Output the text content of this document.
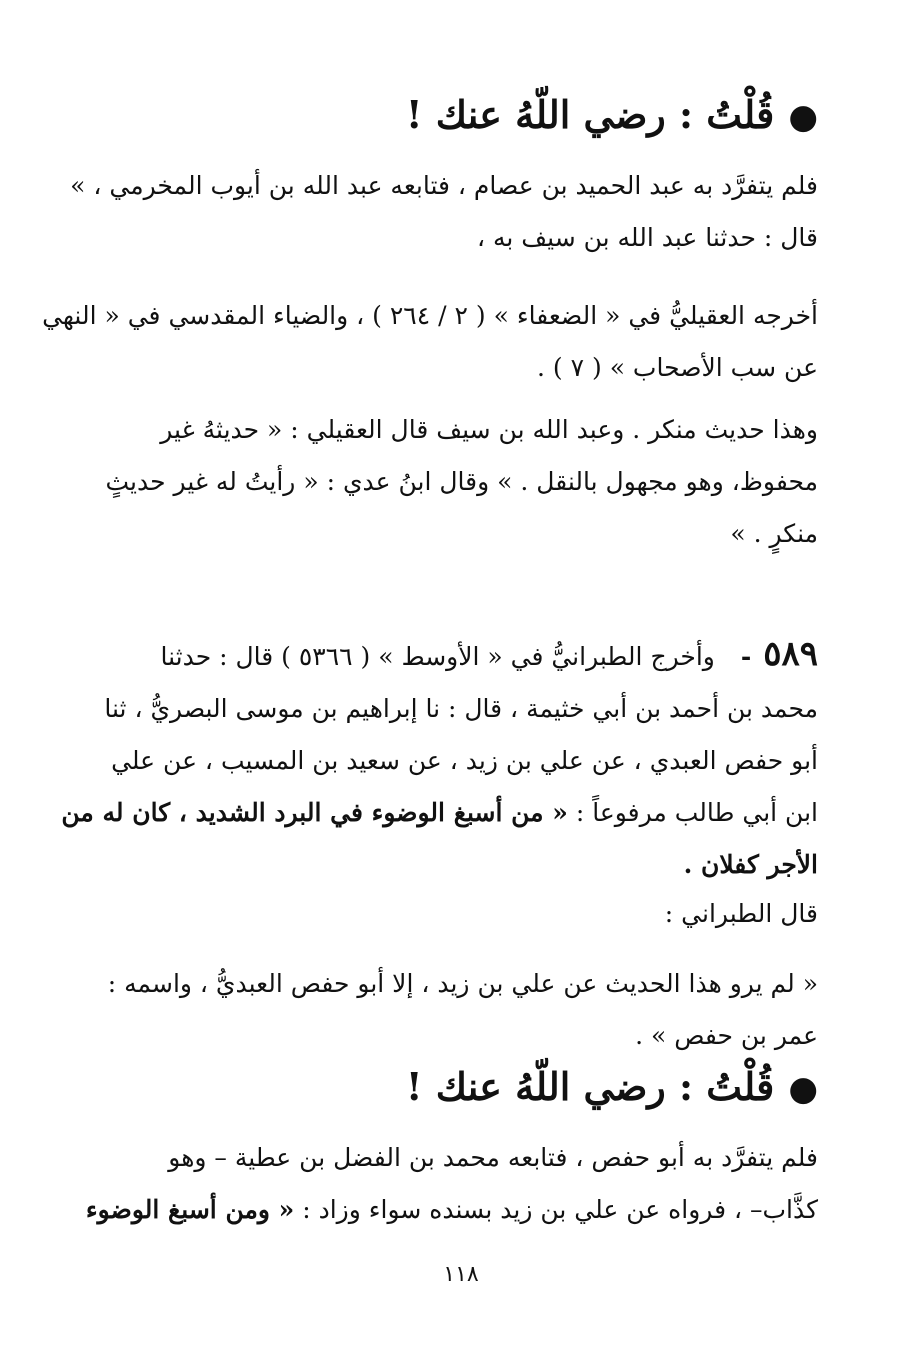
●قُلْتُ : رضي اللّهُ عنك !
فلم يتفرَّد به عبد الحميد بن عصام ، فتابعه عبد الله بن أيوب المخرمي ، »
قال : حدثنا عبد الله بن سيف به ،
أخرجه العقيليُّ في « الضعفاء » ( ٢ / ٢٦٤ ) ، والضياء المقدسي في « النهي
عن سب الأصحاب » ( ٧ ) .
وهذا حديث منكر . وعبد الله بن سيف قال العقيلي : « حديثهُ غير
محفوظ، وهو مجهول بالنقل . » وقال ابنُ عدي : « رأيتُ له غير حديثٍ
منكرٍ . »
٥٨٩ -وأخرج الطبرانيُّ في « الأوسط » ( ٥٣٦٦ ) قال : حدثنا
محمد بن أحمد بن أبي خثيمة ، قال : نا إبراهيم بن موسى البصريُّ ، ثنا
أبو حفص العبدي ، عن علي بن زيد ، عن سعيد بن المسيب ، عن علي
ابن أبي طالب مرفوعاً : « من أسبغ الوضوء في البرد الشديد ، كان له من
الأجر كفلان .
قال الطبراني :
« لم يرو هذا الحديث عن علي بن زيد ، إلا أبو حفص العبديُّ ، واسمه :
عمر بن حفص » .
●قُلْتُ : رضي اللّهُ عنك !
فلم يتفرَّد به أبو حفص ، فتابعه محمد بن الفضل بن عطية – وهو
كذَّاب– ، فرواه عن علي بن زيد بسنده سواء وزاد : « ومن أسبغ الوضوء
١١٨
